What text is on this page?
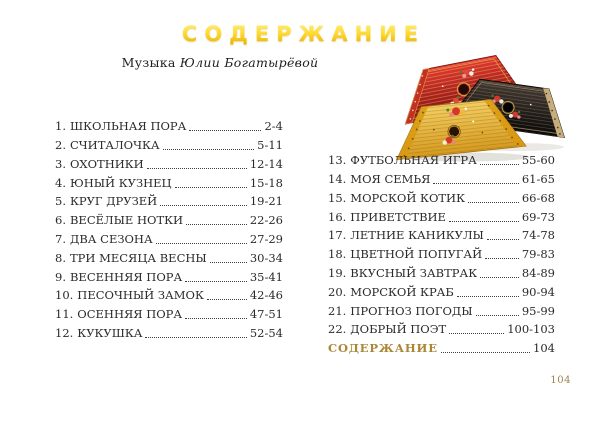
СОДЕРЖАНИЕ

Музыка Юлии Богатырёвой

1. ШКОЛЬНАЯ ПОРА	2-4
2. СЧИТАЛОЧКА	5-11
3. ОХОТНИКИ	12-14
4. ЮНЫЙ КУЗНЕЦ	15-18
5. КРУГ ДРУЗЕЙ	19-21
6. ВЕСЁЛЫЕ НОТКИ	22-26
7. ДВА СЕЗОНА	27-29
8. ТРИ МЕСЯЦА ВЕСНЫ	30-34
9. ВЕСЕННЯЯ ПОРА	35-41
10. ПЕСОЧНЫЙ ЗАМОК	42-46
11. ОСЕННЯЯ ПОРА	47-51
12. КУКУШКА	52-54
13. ФУТБОЛЬНАЯ ИГРА	55-60
14. МОЯ СЕМЬЯ	61-65
15. МОРСКОЙ КОТИК	66-68
16. ПРИВЕТСТВИЕ	69-73
17. ЛЕТНИЕ КАНИКУЛЫ	74-78
18. ЦВЕТНОЙ ПОПУГАЙ	79-83
19. ВКУСНЫЙ ЗАВТРАК	84-89
20. МОРСКОЙ КРАБ	90-94
21. ПРОГНОЗ ПОГОДЫ	95-99
22. ДОБРЫЙ ПОЭТ	100-103
СОДЕРЖАНИЕ	104
104
